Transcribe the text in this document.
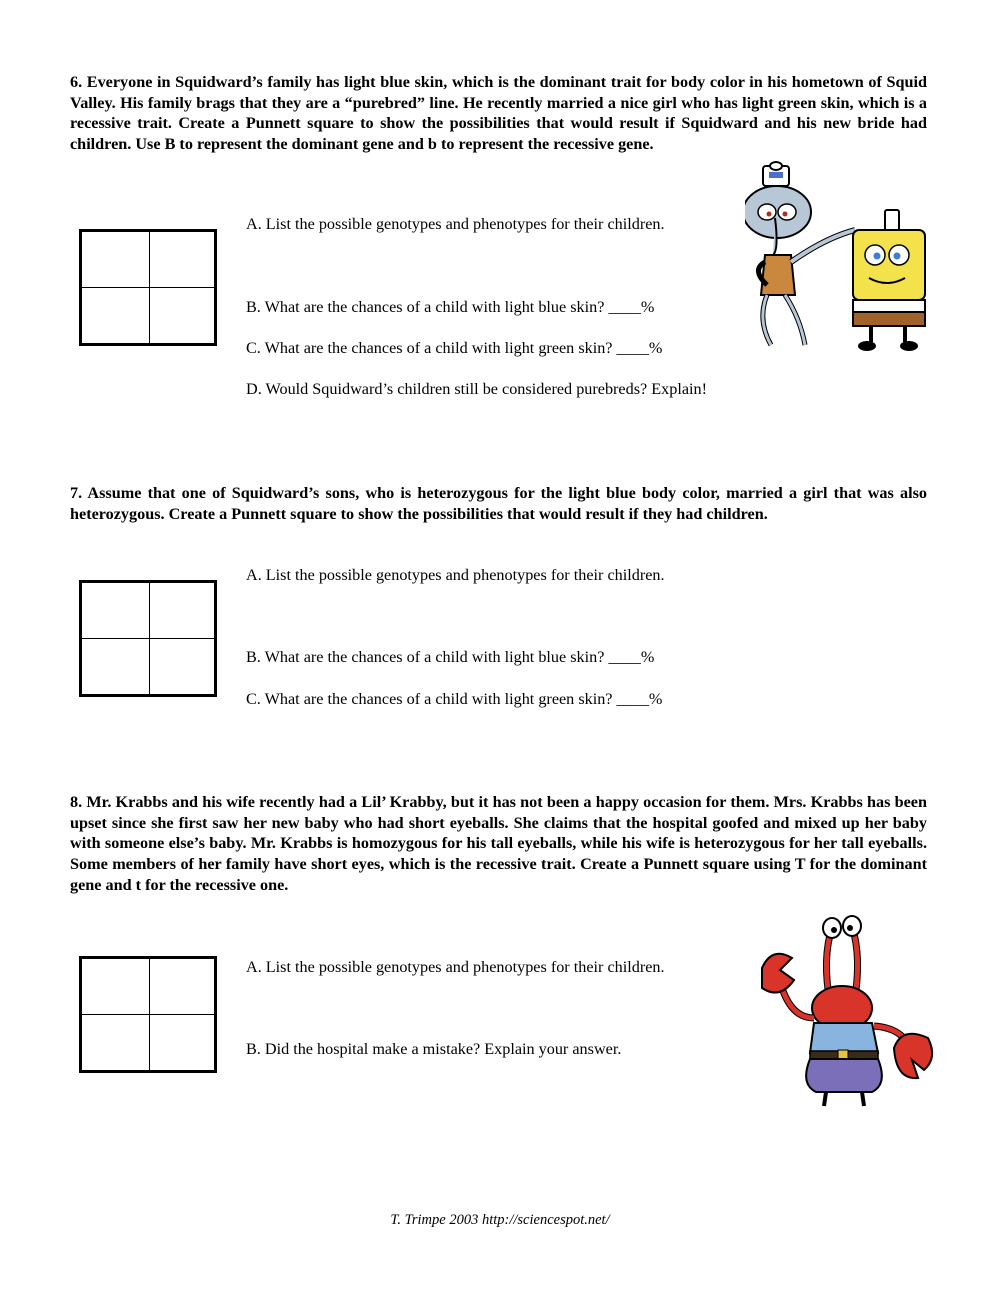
6. Everyone in Squidward’s family has light blue skin, which is the dominant trait for body color in his hometown of Squid Valley. His family brags that they are a “purebred” line. He recently married a nice girl who has light green skin, which is a recessive trait. Create a Punnett square to show the possibilities that would result if Squidward and his new bride had children. Use B to represent the dominant gene and b to represent the recessive gene.

A. List the possible genotypes and phenotypes for their children.
B. What are the chances of a child with light blue skin? ____%
C. What are the chances of a child with light green skin? ____%
D. Would Squidward’s children still be considered purebreds? Explain!

7. Assume that one of Squidward’s sons, who is heterozygous for the light blue body color, married a girl that was also heterozygous. Create a Punnett square to show the possibilities that would result if they had children.

A. List the possible genotypes and phenotypes for their children.
B. What are the chances of a child with light blue skin? ____%
C. What are the chances of a child with light green skin? ____%

8. Mr. Krabbs and his wife recently had a Lil’ Krabby, but it has not been a happy occasion for them. Mrs. Krabbs has been upset since she first saw her new baby who had short eyeballs. She claims that the hospital goofed and mixed up her baby with someone else’s baby. Mr. Krabbs is homozygous for his tall eyeballs, while his wife is heterozygous for her tall eyeballs. Some members of her family have short eyes, which is the recessive trait. Create a Punnett square using T for the dominant gene and t for the recessive one.

A. List the possible genotypes and phenotypes for their children.
B. Did the hospital make a mistake? Explain your answer.
T. Trimpe 2003 http://sciencespot.net/
